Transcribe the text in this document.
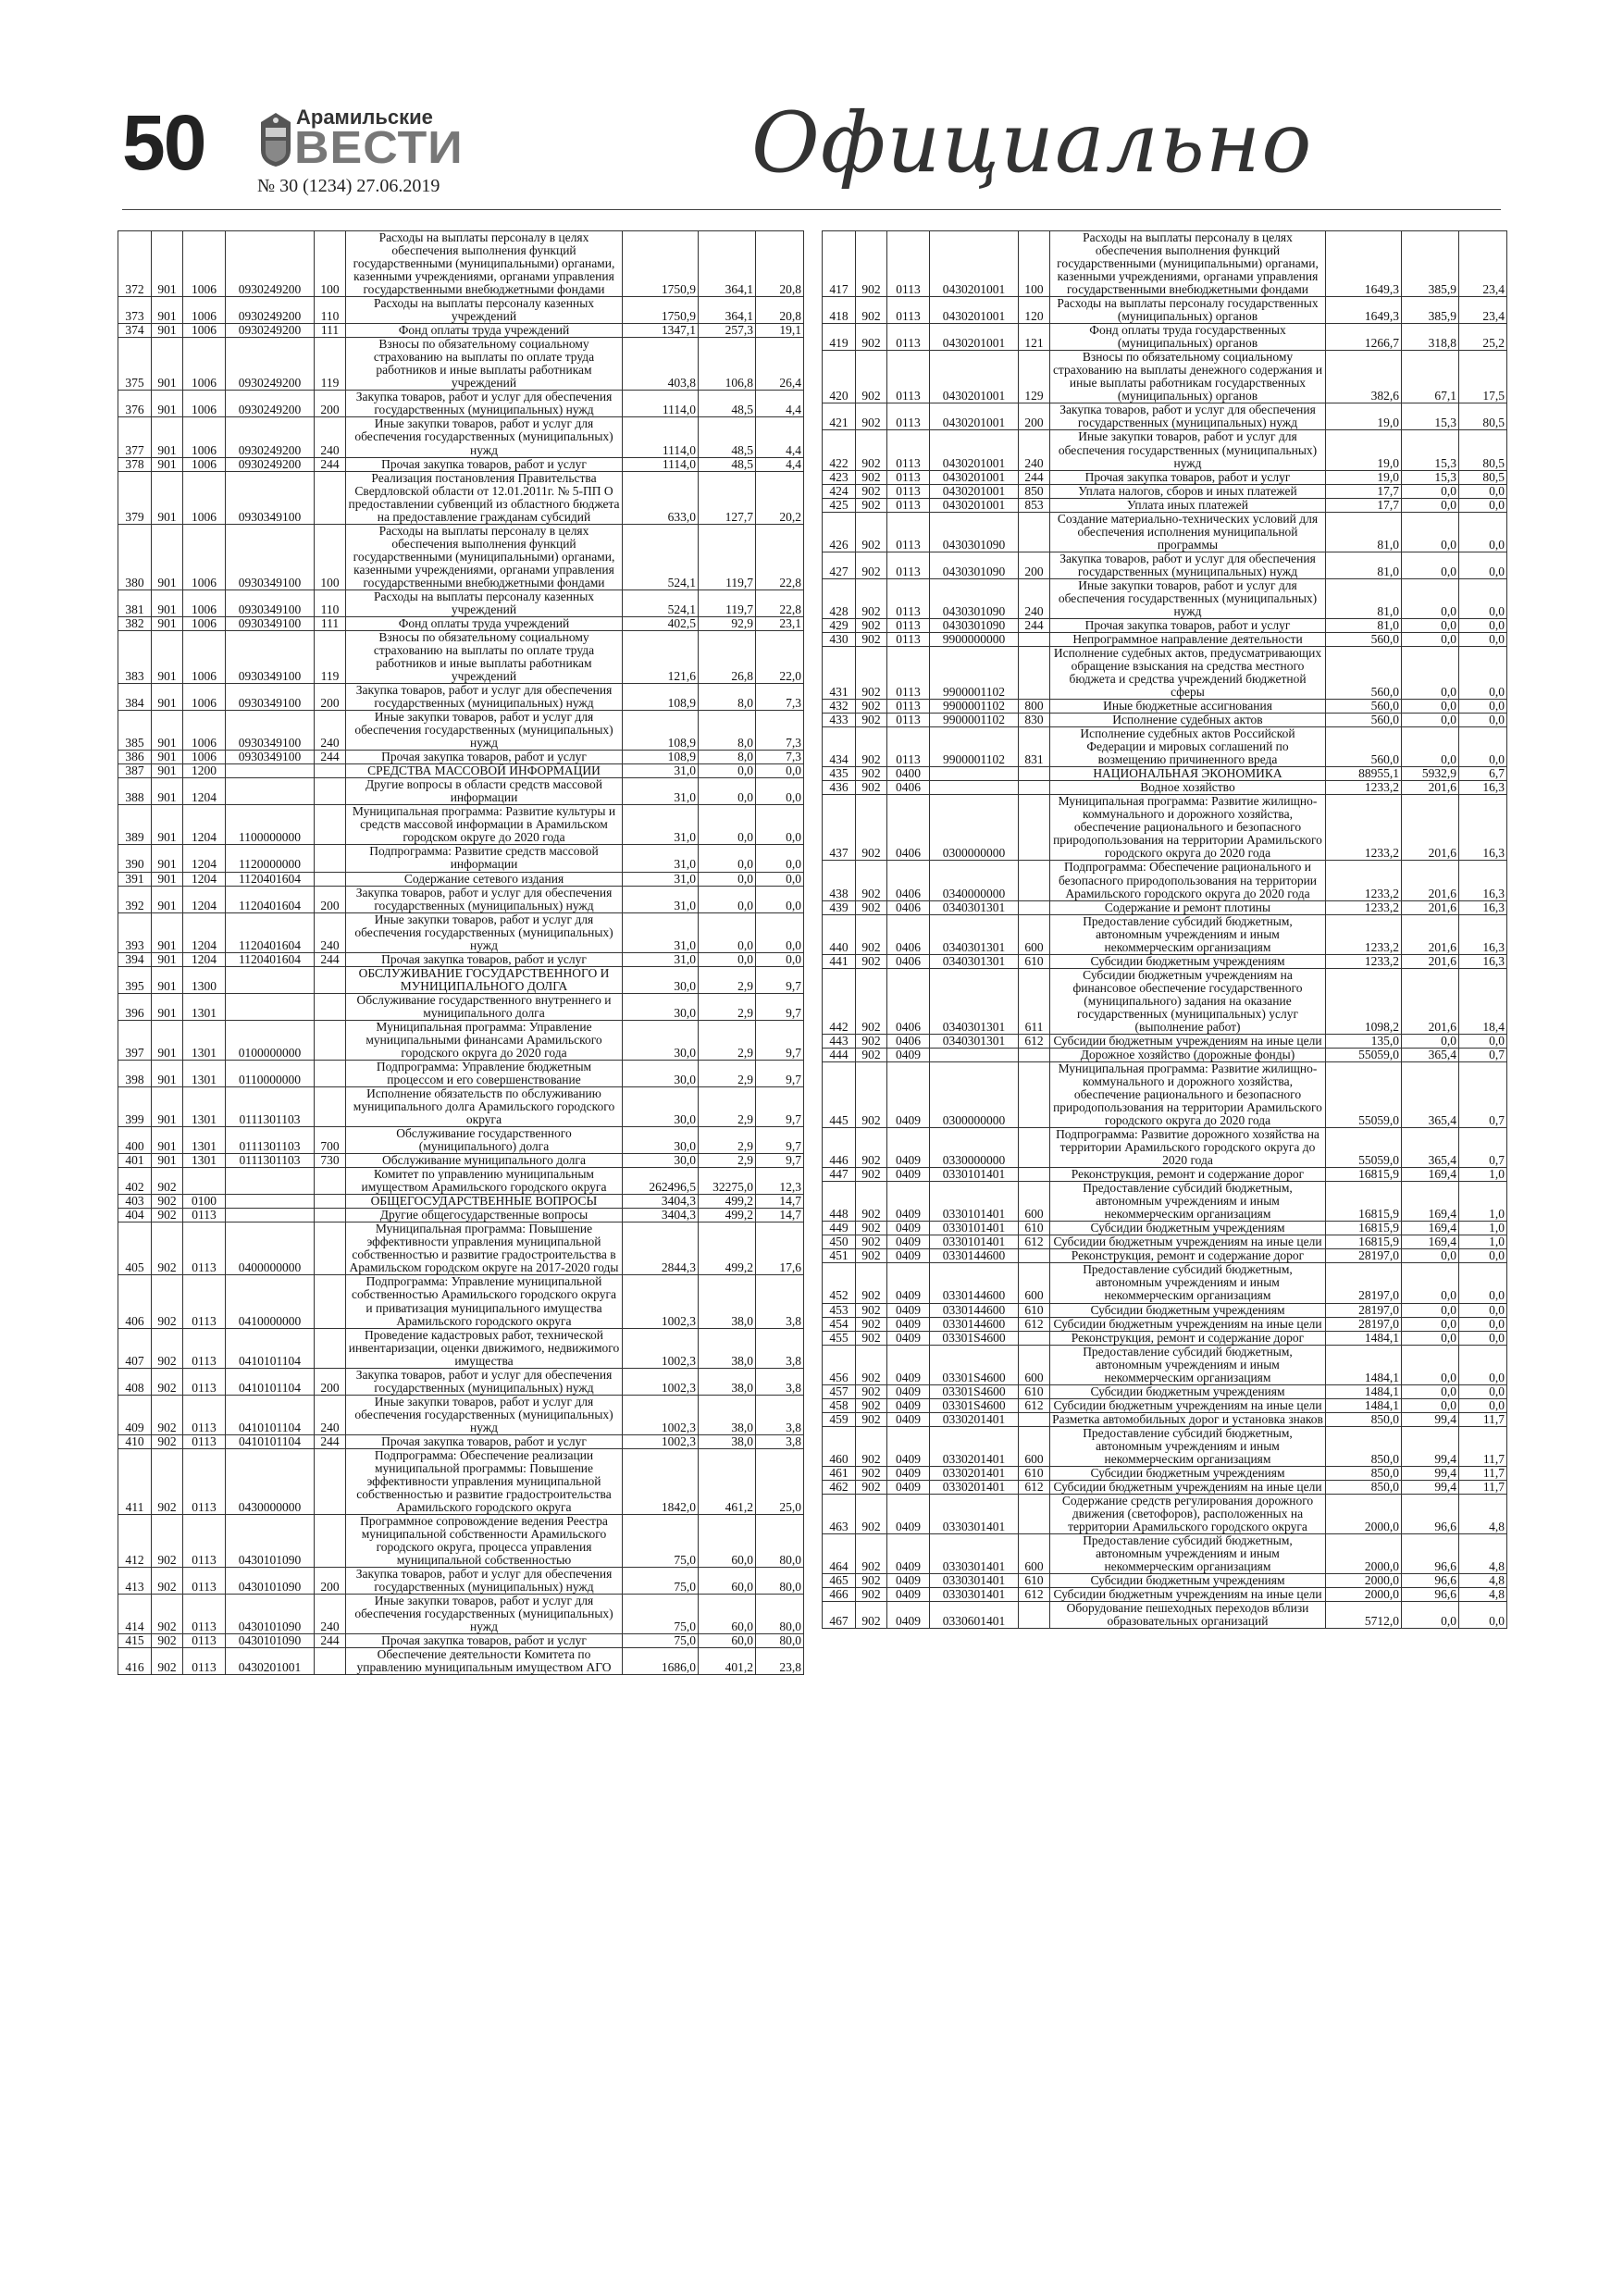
50	Арамильские
ВЕСТИ
№ 30 (1234) 27.06.2019	Официально
372	901	1006	0930249200	100	Расходы на выплаты персоналу в целях обеспечения выполнения функций государственными (муниципальными) органами, казенными учреждениями, органами управления государственными внебюджетными фондами	1750,9	364,1	20,8
373	901	1006	0930249200	110	Расходы на выплаты персоналу казенных учреждений	1750,9	364,1	20,8
374	901	1006	0930249200	111	Фонд оплаты труда учреждений	1347,1	257,3	19,1
375	901	1006	0930249200	119	Взносы по обязательному социальному страхованию на выплаты по оплате труда работников и иные выплаты работникам учреждений	403,8	106,8	26,4
376	901	1006	0930249200	200	Закупка товаров, работ и услуг для обеспечения государственных (муниципальных) нужд	1114,0	48,5	4,4
377	901	1006	0930249200	240	Иные закупки товаров, работ и услуг для обеспечения государственных (муниципальных) нужд	1114,0	48,5	4,4
378	901	1006	0930249200	244	Прочая закупка товаров, работ и услуг	1114,0	48,5	4,4
379	901	1006	0930349100		Реализация постановления Правительства Свердловской области от 12.01.2011г. № 5-ПП О предоставлении субвенций из областного бюджета на предоставление гражданам субсидий	633,0	127,7	20,2
380	901	1006	0930349100	100	Расходы на выплаты персоналу в целях обеспечения выполнения функций государственными (муниципальными) органами, казенными учреждениями, органами управления государственными внебюджетными фондами	524,1	119,7	22,8
381	901	1006	0930349100	110	Расходы на выплаты персоналу казенных учреждений	524,1	119,7	22,8
382	901	1006	0930349100	111	Фонд оплаты труда учреждений	402,5	92,9	23,1
383	901	1006	0930349100	119	Взносы по обязательному социальному страхованию на выплаты по оплате труда работников и иные выплаты работникам учреждений	121,6	26,8	22,0
384	901	1006	0930349100	200	Закупка товаров, работ и услуг для обеспечения государственных (муниципальных) нужд	108,9	8,0	7,3
385	901	1006	0930349100	240	Иные закупки товаров, работ и услуг для обеспечения государственных (муниципальных) нужд	108,9	8,0	7,3
386	901	1006	0930349100	244	Прочая закупка товаров, работ и услуг	108,9	8,0	7,3
387	901	1200			СРЕДСТВА МАССОВОЙ ИНФОРМАЦИИ	31,0	0,0	0,0
388	901	1204			Другие вопросы в области средств массовой информации	31,0	0,0	0,0
389	901	1204	1100000000		Муниципальная программа: Развитие культуры и средств массовой информации в Арамильском городском округе до 2020 года	31,0	0,0	0,0
390	901	1204	1120000000		Подпрограмма: Развитие средств массовой информации	31,0	0,0	0,0
391	901	1204	1120401604		Содержание сетевого издания	31,0	0,0	0,0
392	901	1204	1120401604	200	Закупка товаров, работ и услуг для обеспечения государственных (муниципальных) нужд	31,0	0,0	0,0
393	901	1204	1120401604	240	Иные закупки товаров, работ и услуг для обеспечения государственных (муниципальных) нужд	31,0	0,0	0,0
394	901	1204	1120401604	244	Прочая закупка товаров, работ и услуг	31,0	0,0	0,0
395	901	1300			ОБСЛУЖИВАНИЕ ГОСУДАРСТВЕННОГО И МУНИЦИПАЛЬНОГО ДОЛГА	30,0	2,9	9,7
396	901	1301			Обслуживание государственного внутреннего и муниципального долга	30,0	2,9	9,7
397	901	1301	0100000000		Муниципальная программа: Управление муниципальными финансами Арамильского городского округа до 2020 года	30,0	2,9	9,7
398	901	1301	0110000000		Подпрограмма: Управление бюджетным процессом и его совершенствование	30,0	2,9	9,7
399	901	1301	0111301103		Исполнение обязательств по обслуживанию муниципального долга Арамильского городского округа	30,0	2,9	9,7
400	901	1301	0111301103	700	Обслуживание государственного (муниципального) долга	30,0	2,9	9,7
401	901	1301	0111301103	730	Обслуживание муниципального долга	30,0	2,9	9,7
402	902				Комитет по управлению муниципальным имуществом Арамильского городского округа	262496,5	32275,0	12,3
403	902	0100			ОБЩЕГОСУДАРСТВЕННЫЕ ВОПРОСЫ	3404,3	499,2	14,7
404	902	0113			Другие общегосударственные вопросы	3404,3	499,2	14,7
405	902	0113	0400000000		Муниципальная программа: Повышение эффективности управления муниципальной собственностью и развитие градостроительства в Арамильском городском округе на 2017-2020 годы	2844,3	499,2	17,6
406	902	0113	0410000000		Подпрограмма: Управление муниципальной собственностью Арамильского городского округа и приватизация муниципального имущества Арамильского городского округа	1002,3	38,0	3,8
407	902	0113	0410101104		Проведение кадастровых работ, технической инвентаризации, оценки движимого, недвижимого имущества	1002,3	38,0	3,8
408	902	0113	0410101104	200	Закупка товаров, работ и услуг для обеспечения государственных (муниципальных) нужд	1002,3	38,0	3,8
409	902	0113	0410101104	240	Иные закупки товаров, работ и услуг для обеспечения государственных (муниципальных) нужд	1002,3	38,0	3,8
410	902	0113	0410101104	244	Прочая закупка товаров, работ и услуг	1002,3	38,0	3,8
411	902	0113	0430000000		Подпрограмма: Обеспечение реализации муниципальной программы: Повышение эффективности управления муниципальной собственностью и развитие градостроительства Арамильского городского округа	1842,0	461,2	25,0
412	902	0113	0430101090		Программное сопровождение ведения Реестра муниципальной собственности Арамильского городского округа, процесса управления муниципальной собственностью	75,0	60,0	80,0
413	902	0113	0430101090	200	Закупка товаров, работ и услуг для обеспечения государственных (муниципальных) нужд	75,0	60,0	80,0
414	902	0113	0430101090	240	Иные закупки товаров, работ и услуг для обеспечения государственных (муниципальных) нужд	75,0	60,0	80,0
415	902	0113	0430101090	244	Прочая закупка товаров, работ и услуг	75,0	60,0	80,0
416	902	0113	0430201001		Обеспечение деятельности Комитета по управлению муниципальным имуществом АГО	1686,0	401,2	23,8
417	902	0113	0430201001	100	Расходы на выплаты персоналу в целях обеспечения выполнения функций государственными (муниципальными) органами, казенными учреждениями, органами управления государственными внебюджетными фондами	1649,3	385,9	23,4
418	902	0113	0430201001	120	Расходы на выплаты персоналу государственных (муниципальных) органов	1649,3	385,9	23,4
419	902	0113	0430201001	121	Фонд оплаты труда государственных (муниципальных) органов	1266,7	318,8	25,2
420	902	0113	0430201001	129	Взносы по обязательному социальному страхованию на выплаты денежного содержания и иные выплаты работникам государственных (муниципальных) органов	382,6	67,1	17,5
421	902	0113	0430201001	200	Закупка товаров, работ и услуг для обеспечения государственных (муниципальных) нужд	19,0	15,3	80,5
422	902	0113	0430201001	240	Иные закупки товаров, работ и услуг для обеспечения государственных (муниципальных) нужд	19,0	15,3	80,5
423	902	0113	0430201001	244	Прочая закупка товаров, работ и услуг	19,0	15,3	80,5
424	902	0113	0430201001	850	Уплата налогов, сборов и иных платежей	17,7	0,0	0,0
425	902	0113	0430201001	853	Уплата иных платежей	17,7	0,0	0,0
426	902	0113	0430301090		Создание материально-технических условий для обеспечения исполнения муниципальной программы	81,0	0,0	0,0
427	902	0113	0430301090	200	Закупка товаров, работ и услуг для обеспечения государственных (муниципальных) нужд	81,0	0,0	0,0
428	902	0113	0430301090	240	Иные закупки товаров, работ и услуг для обеспечения государственных (муниципальных) нужд	81,0	0,0	0,0
429	902	0113	0430301090	244	Прочая закупка товаров, работ и услуг	81,0	0,0	0,0
430	902	0113	9900000000		Непрограммное направление деятельности	560,0	0,0	0,0
431	902	0113	9900001102		Исполнение судебных актов, предусматривающих обращение взыскания на средства местного бюджета и средства учреждений бюджетной сферы	560,0	0,0	0,0
432	902	0113	9900001102	800	Иные бюджетные ассигнования	560,0	0,0	0,0
433	902	0113	9900001102	830	Исполнение судебных актов	560,0	0,0	0,0
434	902	0113	9900001102	831	Исполнение судебных актов Российской Федерации и мировых соглашений по возмещению причиненного вреда	560,0	0,0	0,0
435	902	0400			НАЦИОНАЛЬНАЯ ЭКОНОМИКА	88955,1	5932,9	6,7
436	902	0406			Водное хозяйство	1233,2	201,6	16,3
437	902	0406	0300000000		Муниципальная программа: Развитие жилищно-коммунального и дорожного хозяйства, обеспечение рационального и безопасного природопользования на территории Арамильского городского округа до 2020 года	1233,2	201,6	16,3
438	902	0406	0340000000		Подпрограмма: Обеспечение рационального и безопасного природопользования на территории Арамильского городского округа до 2020 года	1233,2	201,6	16,3
439	902	0406	0340301301		Содержание и ремонт плотины	1233,2	201,6	16,3
440	902	0406	0340301301	600	Предоставление субсидий бюджетным, автономным учреждениям и иным некоммерческим организациям	1233,2	201,6	16,3
441	902	0406	0340301301	610	Субсидии бюджетным учреждениям	1233,2	201,6	16,3
442	902	0406	0340301301	611	Субсидии бюджетным учреждениям на финансовое обеспечение государственного (муниципального) задания на оказание государственных (муниципальных) услуг (выполнение работ)	1098,2	201,6	18,4
443	902	0406	0340301301	612	Субсидии бюджетным учреждениям на иные цели	135,0	0,0	0,0
444	902	0409			Дорожное хозяйство (дорожные фонды)	55059,0	365,4	0,7
445	902	0409	0300000000		Муниципальная программа: Развитие жилищно-коммунального и дорожного хозяйства, обеспечение рационального и безопасного природопользования на территории Арамильского городского округа до 2020 года	55059,0	365,4	0,7
446	902	0409	0330000000		Подпрограмма: Развитие дорожного хозяйства на территории Арамильского городского округа до 2020 года	55059,0	365,4	0,7
447	902	0409	0330101401		Реконструкция, ремонт и содержание дорог	16815,9	169,4	1,0
448	902	0409	0330101401	600	Предоставление субсидий бюджетным, автономным учреждениям и иным некоммерческим организациям	16815,9	169,4	1,0
449	902	0409	0330101401	610	Субсидии бюджетным учреждениям	16815,9	169,4	1,0
450	902	0409	0330101401	612	Субсидии бюджетным учреждениям на иные цели	16815,9	169,4	1,0
451	902	0409	0330144600		Реконструкция, ремонт и содержание дорог	28197,0	0,0	0,0
452	902	0409	0330144600	600	Предоставление субсидий бюджетным, автономным учреждениям и иным некоммерческим организациям	28197,0	0,0	0,0
453	902	0409	0330144600	610	Субсидии бюджетным учреждениям	28197,0	0,0	0,0
454	902	0409	0330144600	612	Субсидии бюджетным учреждениям на иные цели	28197,0	0,0	0,0
455	902	0409	03301S4600		Реконструкция, ремонт и содержание дорог	1484,1	0,0	0,0
456	902	0409	03301S4600	600	Предоставление субсидий бюджетным, автономным учреждениям и иным некоммерческим организациям	1484,1	0,0	0,0
457	902	0409	03301S4600	610	Субсидии бюджетным учреждениям	1484,1	0,0	0,0
458	902	0409	03301S4600	612	Субсидии бюджетным учреждениям на иные цели	1484,1	0,0	0,0
459	902	0409	0330201401		Разметка автомобильных дорог и установка знаков	850,0	99,4	11,7
460	902	0409	0330201401	600	Предоставление субсидий бюджетным, автономным учреждениям и иным некоммерческим организациям	850,0	99,4	11,7
461	902	0409	0330201401	610	Субсидии бюджетным учреждениям	850,0	99,4	11,7
462	902	0409	0330201401	612	Субсидии бюджетным учреждениям на иные цели	850,0	99,4	11,7
463	902	0409	0330301401		Содержание средств регулирования дорожного движения (светофоров), расположенных на территории Арамильского городского округа	2000,0	96,6	4,8
464	902	0409	0330301401	600	Предоставление субсидий бюджетным, автономным учреждениям и иным некоммерческим организациям	2000,0	96,6	4,8
465	902	0409	0330301401	610	Субсидии бюджетным учреждениям	2000,0	96,6	4,8
466	902	0409	0330301401	612	Субсидии бюджетным учреждениям на иные цели	2000,0	96,6	4,8
467	902	0409	0330601401		Оборудование пешеходных переходов вблизи образовательных организаций	5712,0	0,0	0,0
